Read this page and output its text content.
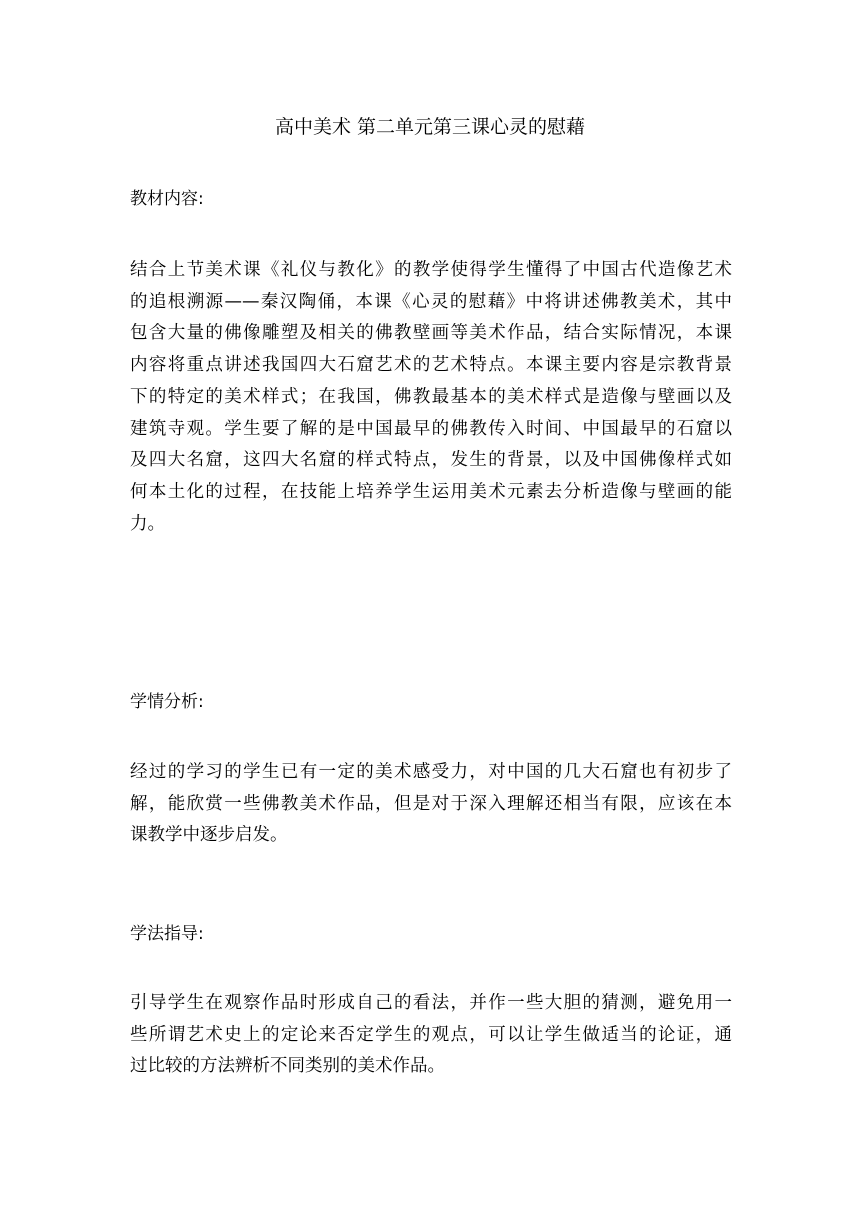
高中美术 第二单元第三课心灵的慰藉
教材内容:
结合上节美术课《礼仪与教化》的教学使得学生懂得了中国古代造像艺术
的追根溯源——秦汉陶俑，本课《心灵的慰藉》中将讲述佛教美术，其中
包含大量的佛像雕塑及相关的佛教壁画等美术作品，结合实际情况，本课
内容将重点讲述我国四大石窟艺术的艺术特点。本课主要内容是宗教背景
下的特定的美术样式；在我国，佛教最基本的美术样式是造像与壁画以及
建筑寺观。学生要了解的是中国最早的佛教传入时间、中国最早的石窟以
及四大名窟，这四大名窟的样式特点，发生的背景，以及中国佛像样式如
何本土化的过程，在技能上培养学生运用美术元素去分析造像与壁画的能
力。
学情分析:
经过的学习的学生已有一定的美术感受力，对中国的几大石窟也有初步了
解，能欣赏一些佛教美术作品，但是对于深入理解还相当有限，应该在本
课教学中逐步启发。
学法指导:
引导学生在观察作品时形成自己的看法，并作一些大胆的猜测，避免用一
些所谓艺术史上的定论来否定学生的观点，可以让学生做适当的论证，通
过比较的方法辨析不同类别的美术作品。
